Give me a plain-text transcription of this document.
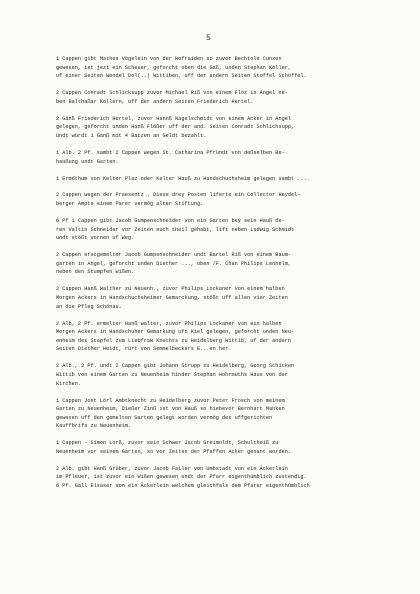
5
1 Cappen gibt Mathes Vögelein von der Hofraiden so zuvor Bechtole Cunzen
gewesen, ist jezt ein Scheuer, geforcht oben die Gaß, unden Stephan Köller,
uf einer Seiten Wendel Dol(..) Wittiben, uff der andern Seiten Stoffel Schöffel.
2 Cappen Conradt Schlicksupp zuvor Michael Riß von einem Flöz in Angel ne-
ben Balthaßar Köllern, uff der andern Seiten Friederich Hertel.
2 Gänß Friederich Hertel, zuvor Hannß Nagelschmidt von einem Acker in Angel
gelegen, geforcht unden Hanß Flößer uff der and. Seiten Conradt Schlichsupp,
Undt würdt 1 Ganß mit 4 Batzen an Geldt bezahlt.
1 Alb. 2 Pf. sambt 2 Cappen wegen St. Catharina Pfründt von deßselben Be-
haußung undt Garten.
1 Ermdthum von Kelter Plaz oder Kelter Hauß zu Handschuchsheim gelegen sambt ....
2 Cappen wegen der Praesentz . Diese drey Posten liferte ein Collector Heydel-
berger Ampts einem Parer vermög alter Stiftung.
6 Pf 1 Cappen gibt Jacob Gumpenschneider von ein Garten bey sein Hauß de-
ren Valtin Schneider vor Zeiten euch theil gehabt, lift neben Ludwig Schmidt
undt stößt vornen uf Weg.
2 Cappen erstgemelter Jacob Gumpenschneider undt Bartel Riß von einem Baum-
garten in Angel, geforcht unden Diether ..., oben /F. Chan Philips Lenhelm,
neben den Stumpfen Wißen.
2 Cappen Hanß Walther zu Neuenh., zuvor Philips Lockaner von einem halben
Morgen Ackers in Handschuchsheimer Gemarckung, stößt uff allen vier Zeiten
an die Pfleg Schönau.
2 Alb, 2 Pf. ermelter Hanß walter, zuvor Philips Lockaner von ein halben
Morgen Ackers in Handschuher Gemarkung ufn Kiel gelegen, geforcht unden Neu-
enheim des Stapfel zum Liebfraw Knechts zu Heidelberg Wittib, uf der andern
Seiten Diether Heidt, rürt von Semmelbeckers E.. en her.
2 Alb., 2 Pf. undt 2 Cappen gibt Johann Strupp zu Heidelberg, Georg Schicken
Wittib von einem Garten zu Neuenheim hinder Stephan Hohrmuths Haus von der
Kirchen.
1 Cappen Jost Lörl Ambtknecht zu Heidelberg zuvor Peter Frosch von meinem
Garten zu Neuenheim, Dießer Zinß ist von Hauß so hiebevor Bernhart Manken
gewesen uff den gemelten Garten gelegt worden vermög des uffgerichten
Kauffbrifs zu Neuenheim.
1 Cappen - Simon Lorß, zuvor sein Schwer Jacob Greimoldt, Schultheiß zu
Neuenheim vor seinem Garten, so vor Zeiten der Pfaffen Acker genant worden.
2 Alb. gibt Hanß Grüber, zuvor Jacob Failer von Umbstadt von ein Äckerlein
im Pfleuer, ist zuvor ein Wißen gewesen undt der Pfarr eigenthümblich zustendig.
6 Pf. Gall Elsaser von ein Äckerlein welchem gleichfals dem Pfarer eigenthümblich
